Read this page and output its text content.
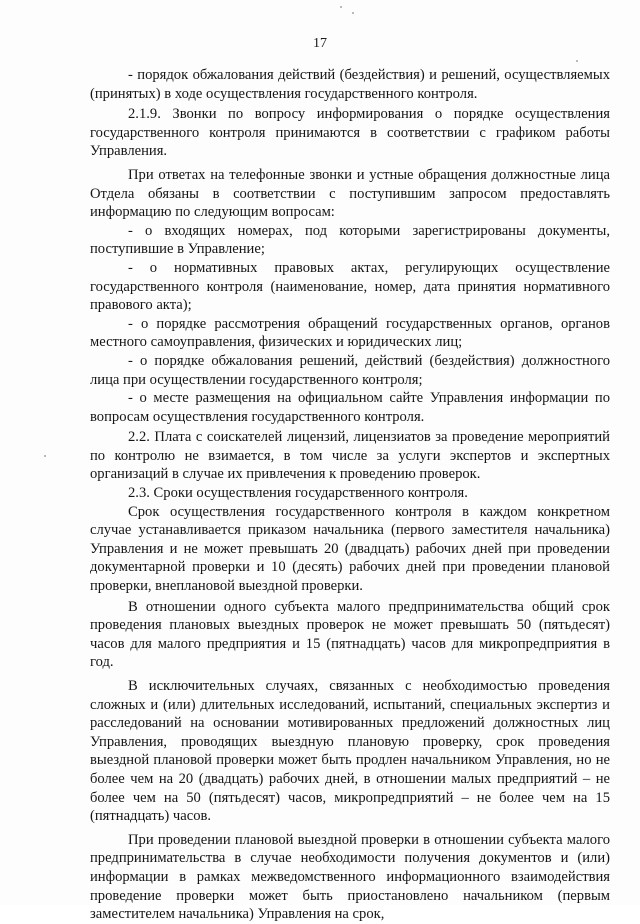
17

- порядок обжалования действий (бездействия) и решений, осуществляемых (принятых) в ходе осуществления государственного контроля.

2.1.9. Звонки по вопросу информирования о порядке осуществления государственного контроля принимаются в соответствии с графиком работы Управления.

При ответах на телефонные звонки и устные обращения должностные лица Отдела обязаны в соответствии с поступившим запросом предоставлять информацию по следующим вопросам:

- о входящих номерах, под которыми зарегистрированы документы, поступившие в Управление;

- о нормативных правовых актах, регулирующих осуществление государственного контроля (наименование, номер, дата принятия нормативного правового акта);

- о порядке рассмотрения обращений государственных органов, органов местного самоуправления, физических и юридических лиц;

- о порядке обжалования решений, действий (бездействия) должностного лица при осуществлении государственного контроля;

- о месте размещения на официальном сайте Управления информации по вопросам осуществления государственного контроля.

2.2. Плата с соискателей лицензий, лицензиатов за проведение мероприятий по контролю не взимается, в том числе за услуги экспертов и экспертных организаций в случае их привлечения к проведению проверок.

2.3. Сроки осуществления государственного контроля.

Срок осуществления государственного контроля в каждом конкретном случае устанавливается приказом начальника (первого заместителя начальника) Управления и не может превышать 20 (двадцать) рабочих дней при проведении документарной проверки и 10 (десять) рабочих дней при проведении плановой проверки, внеплановой выездной проверки.

В отношении одного субъекта малого предпринимательства общий срок проведения плановых выездных проверок не может превышать 50 (пятьдесят) часов для малого предприятия и 15 (пятнадцать) часов для микропредприятия в год.

В исключительных случаях, связанных с необходимостью проведения сложных и (или) длительных исследований, испытаний, специальных экспертиз и расследований на основании мотивированных предложений должностных лиц Управления, проводящих выездную плановую проверку, срок проведения выездной плановой проверки может быть продлен начальником Управления, но не более чем на 20 (двадцать) рабочих дней, в отношении малых предприятий – не более чем на 50 (пятьдесят) часов, микропредприятий – не более чем на 15 (пятнадцать) часов.

При проведении плановой выездной проверки в отношении субъекта малого предпринимательства в случае необходимости получения документов и (или) информации в рамках межведомственного информационного взаимодействия проведение проверки может быть приостановлено начальником (первым заместителем начальника) Управления на срок,
